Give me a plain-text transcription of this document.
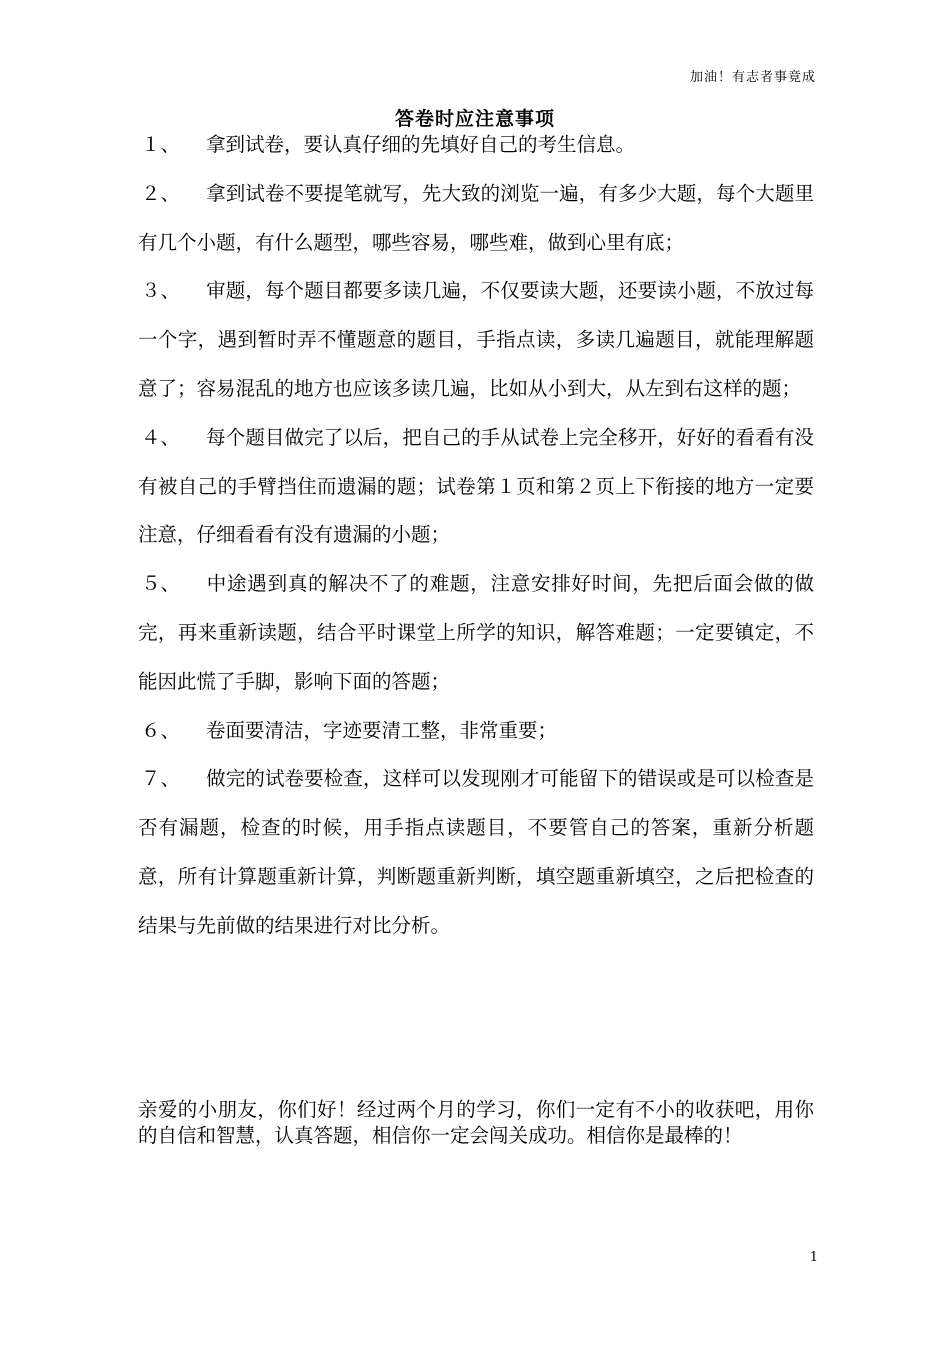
加油！有志者事竟成
答卷时应注意事项

１、 拿到试卷，要认真仔细的先填好自己的考生信息。

２、 拿到试卷不要提笔就写，先大致的浏览一遍，有多少大题，每个大题里有几个小题，有什么题型，哪些容易，哪些难，做到心里有底；

３、 审题，每个题目都要多读几遍，不仅要读大题，还要读小题，不放过每一个字，遇到暂时弄不懂题意的题目，手指点读，多读几遍题目，就能理解题意了；容易混乱的地方也应该多读几遍，比如从小到大，从左到右这样的题；

４、 每个题目做完了以后，把自己的手从试卷上完全移开，好好的看看有没有被自己的手臂挡住而遗漏的题；试卷第１页和第２页上下衔接的地方一定要注意，仔细看看有没有遗漏的小题；

５、 中途遇到真的解决不了的难题，注意安排好时间，先把后面会做的做完，再来重新读题，结合平时课堂上所学的知识，解答难题；一定要镇定，不能因此慌了手脚，影响下面的答题；

６、 卷面要清洁，字迹要清工整，非常重要；

７、 做完的试卷要检查，这样可以发现刚才可能留下的错误或是可以检查是否有漏题，检查的时候，用手指点读题目，不要管自己的答案，重新分析题意，所有计算题重新计算，判断题重新判断，填空题重新填空，之后把检查的结果与先前做的结果进行对比分析。

亲爱的小朋友，你们好！经过两个月的学习，你们一定有不小的收获吧，用你的自信和智慧，认真答题，相信你一定会闯关成功。相信你是最棒的！

1
